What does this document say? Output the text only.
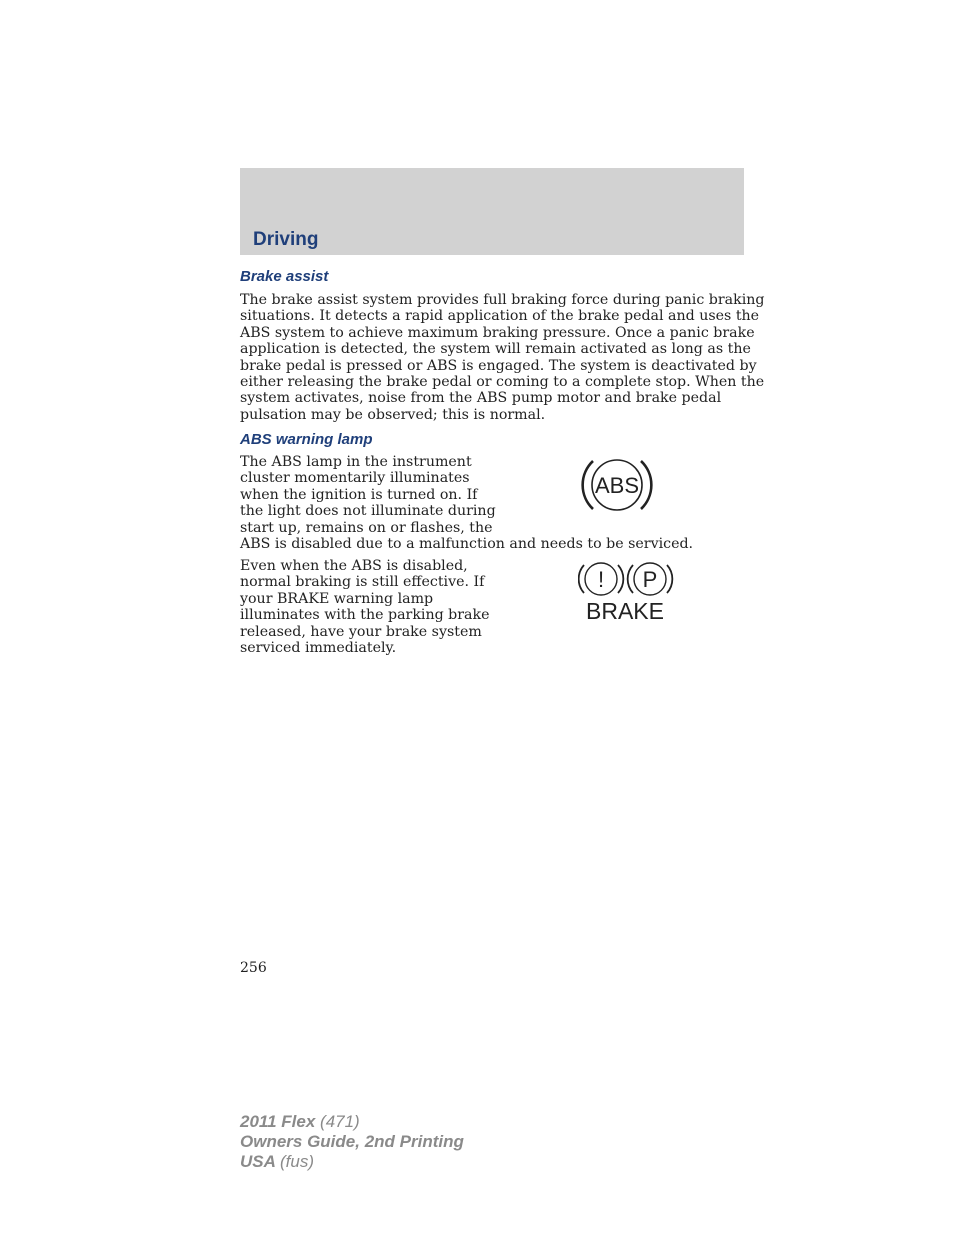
Driving
Brake assist

The brake assist system provides full braking force during panic braking
situations. It detects a rapid application of the brake pedal and uses the
ABS system to achieve maximum braking pressure. Once a panic brake
application is detected, the system will remain activated as long as the
brake pedal is pressed or ABS is engaged. The system is deactivated by
either releasing the brake pedal or coming to a complete stop. When the
system activates, noise from the ABS pump motor and brake pedal
pulsation may be observed; this is normal.

ABS warning lamp

The ABS lamp in the instrument
cluster momentarily illuminates
when the ignition is turned on. If
the light does not illuminate during
start up, remains on or flashes, the
ABS is disabled due to a malfunction and needs to be serviced.

ABS

Even when the ABS is disabled,
normal braking is still effective. If
your BRAKE warning lamp
illuminates with the parking brake
released, have your brake system
serviced immediately.

! P
BRAKE
256
2011 Flex (471)
Owners Guide, 2nd Printing
USA (fus)
